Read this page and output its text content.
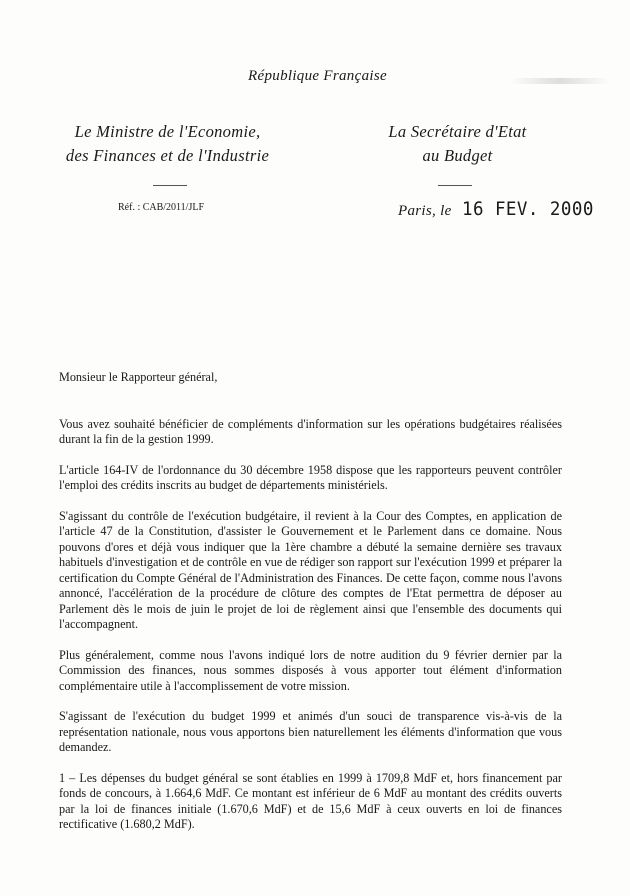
République Française
Le Ministre de l'Economie,
des Finances et de l'Industrie
La Secrétaire d'Etat
au Budget
Réf. : CAB/2011/JLF	Paris, le 16 FEV. 2000

Monsieur le Rapporteur général,

Vous avez souhaité bénéficier de compléments d'information sur les opérations budgétaires réalisées durant la fin de la gestion 1999.

L'article 164-IV de l'ordonnance du 30 décembre 1958 dispose que les rapporteurs peuvent contrôler l'emploi des crédits inscrits au budget de départements ministériels.

S'agissant du contrôle de l'exécution budgétaire, il revient à la Cour des Comptes, en application de l'article 47 de la Constitution, d'assister le Gouvernement et le Parlement dans ce domaine. Nous pouvons d'ores et déjà vous indiquer que la 1ère chambre a débuté la semaine dernière ses travaux habituels d'investigation et de contrôle en vue de rédiger son rapport sur l'exécution 1999 et préparer la certification du Compte Général de l'Administration des Finances. De cette façon, comme nous l'avons annoncé, l'accélération de la procédure de clôture des comptes de l'Etat permettra de déposer au Parlement dès le mois de juin le projet de loi de règlement ainsi que l'ensemble des documents qui l'accompagnent.

Plus généralement, comme nous l'avons indiqué lors de notre audition du 9 février dernier par la Commission des finances, nous sommes disposés à vous apporter tout élément d'information complémentaire utile à l'accomplissement de votre mission.

S'agissant de l'exécution du budget 1999 et animés d'un souci de transparence vis-à-vis de la représentation nationale, nous vous apportons bien naturellement les éléments d'information que vous demandez.

1 – Les dépenses du budget général se sont établies en 1999 à 1709,8 MdF et, hors financement par fonds de concours, à 1.664,6 MdF. Ce montant est inférieur de 6 MdF au montant des crédits ouverts par la loi de finances initiale (1.670,6 MdF) et de 15,6 MdF à ceux ouverts en loi de finances rectificative (1.680,2 MdF).
